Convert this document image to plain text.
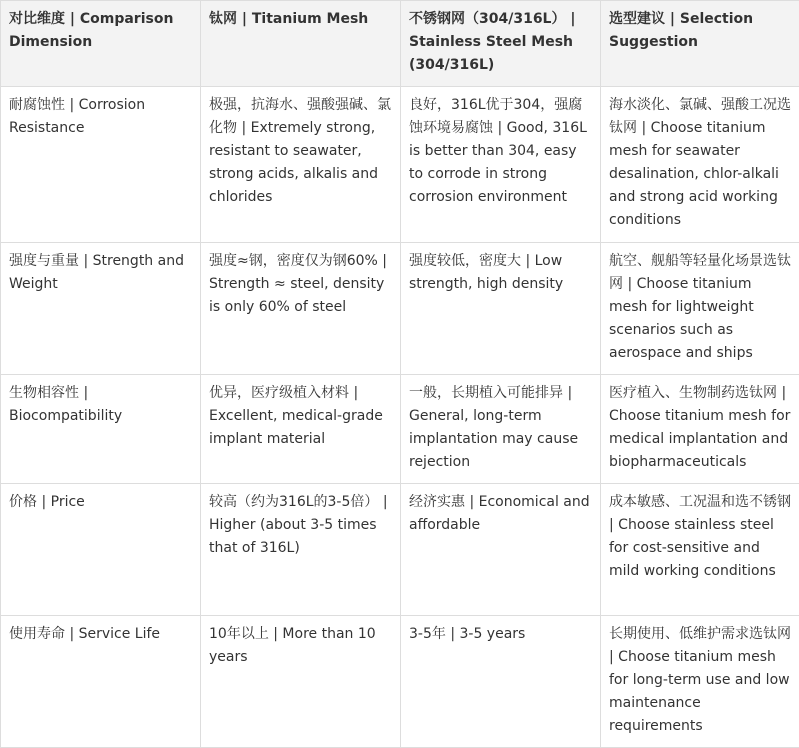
对比维度 | Comparison Dimension	钛网 | Titanium Mesh	不锈钢网（304/316L） | Stainless Steel Mesh (304/316L)	选型建议 | Selection Suggestion
耐腐蚀性 | Corrosion Resistance	极强，抗海水、强酸强碱、氯化物 | Extremely strong, resistant to seawater, strong acids, alkalis and chlorides	良好，316L优于304，强腐蚀环境易腐蚀 | Good, 316L is better than 304, easy to corrode in strong corrosion environment	海水淡化、氯碱、强酸工况选钛网 | Choose titanium mesh for seawater desalination, chlor-alkali and strong acid working conditions
强度与重量 | Strength and Weight	强度≈钢，密度仅为钢60% | Strength ≈ steel, density is only 60% of steel	强度较低，密度大 | Low strength, high density	航空、舰船等轻量化场景选钛网 | Choose titanium mesh for lightweight scenarios such as aerospace and ships
生物相容性 | Biocompatibility	优异，医疗级植入材料 | Excellent, medical-grade implant material	一般，长期植入可能排异 | General, long-term implantation may cause rejection	医疗植入、生物制药选钛网 | Choose titanium mesh for medical implantation and biopharmaceuticals
价格 | Price	较高（约为316L的3-5倍） | Higher (about 3-5 times that of 316L)	经济实惠 | Economical and affordable	成本敏感、工况温和选不锈钢 | Choose stainless steel for cost-sensitive and mild working conditions
使用寿命 | Service Life	10年以上 | More than 10 years	3-5年 | 3-5 years	长期使用、低维护需求选钛网 | Choose titanium mesh for long-term use and low maintenance requirements
